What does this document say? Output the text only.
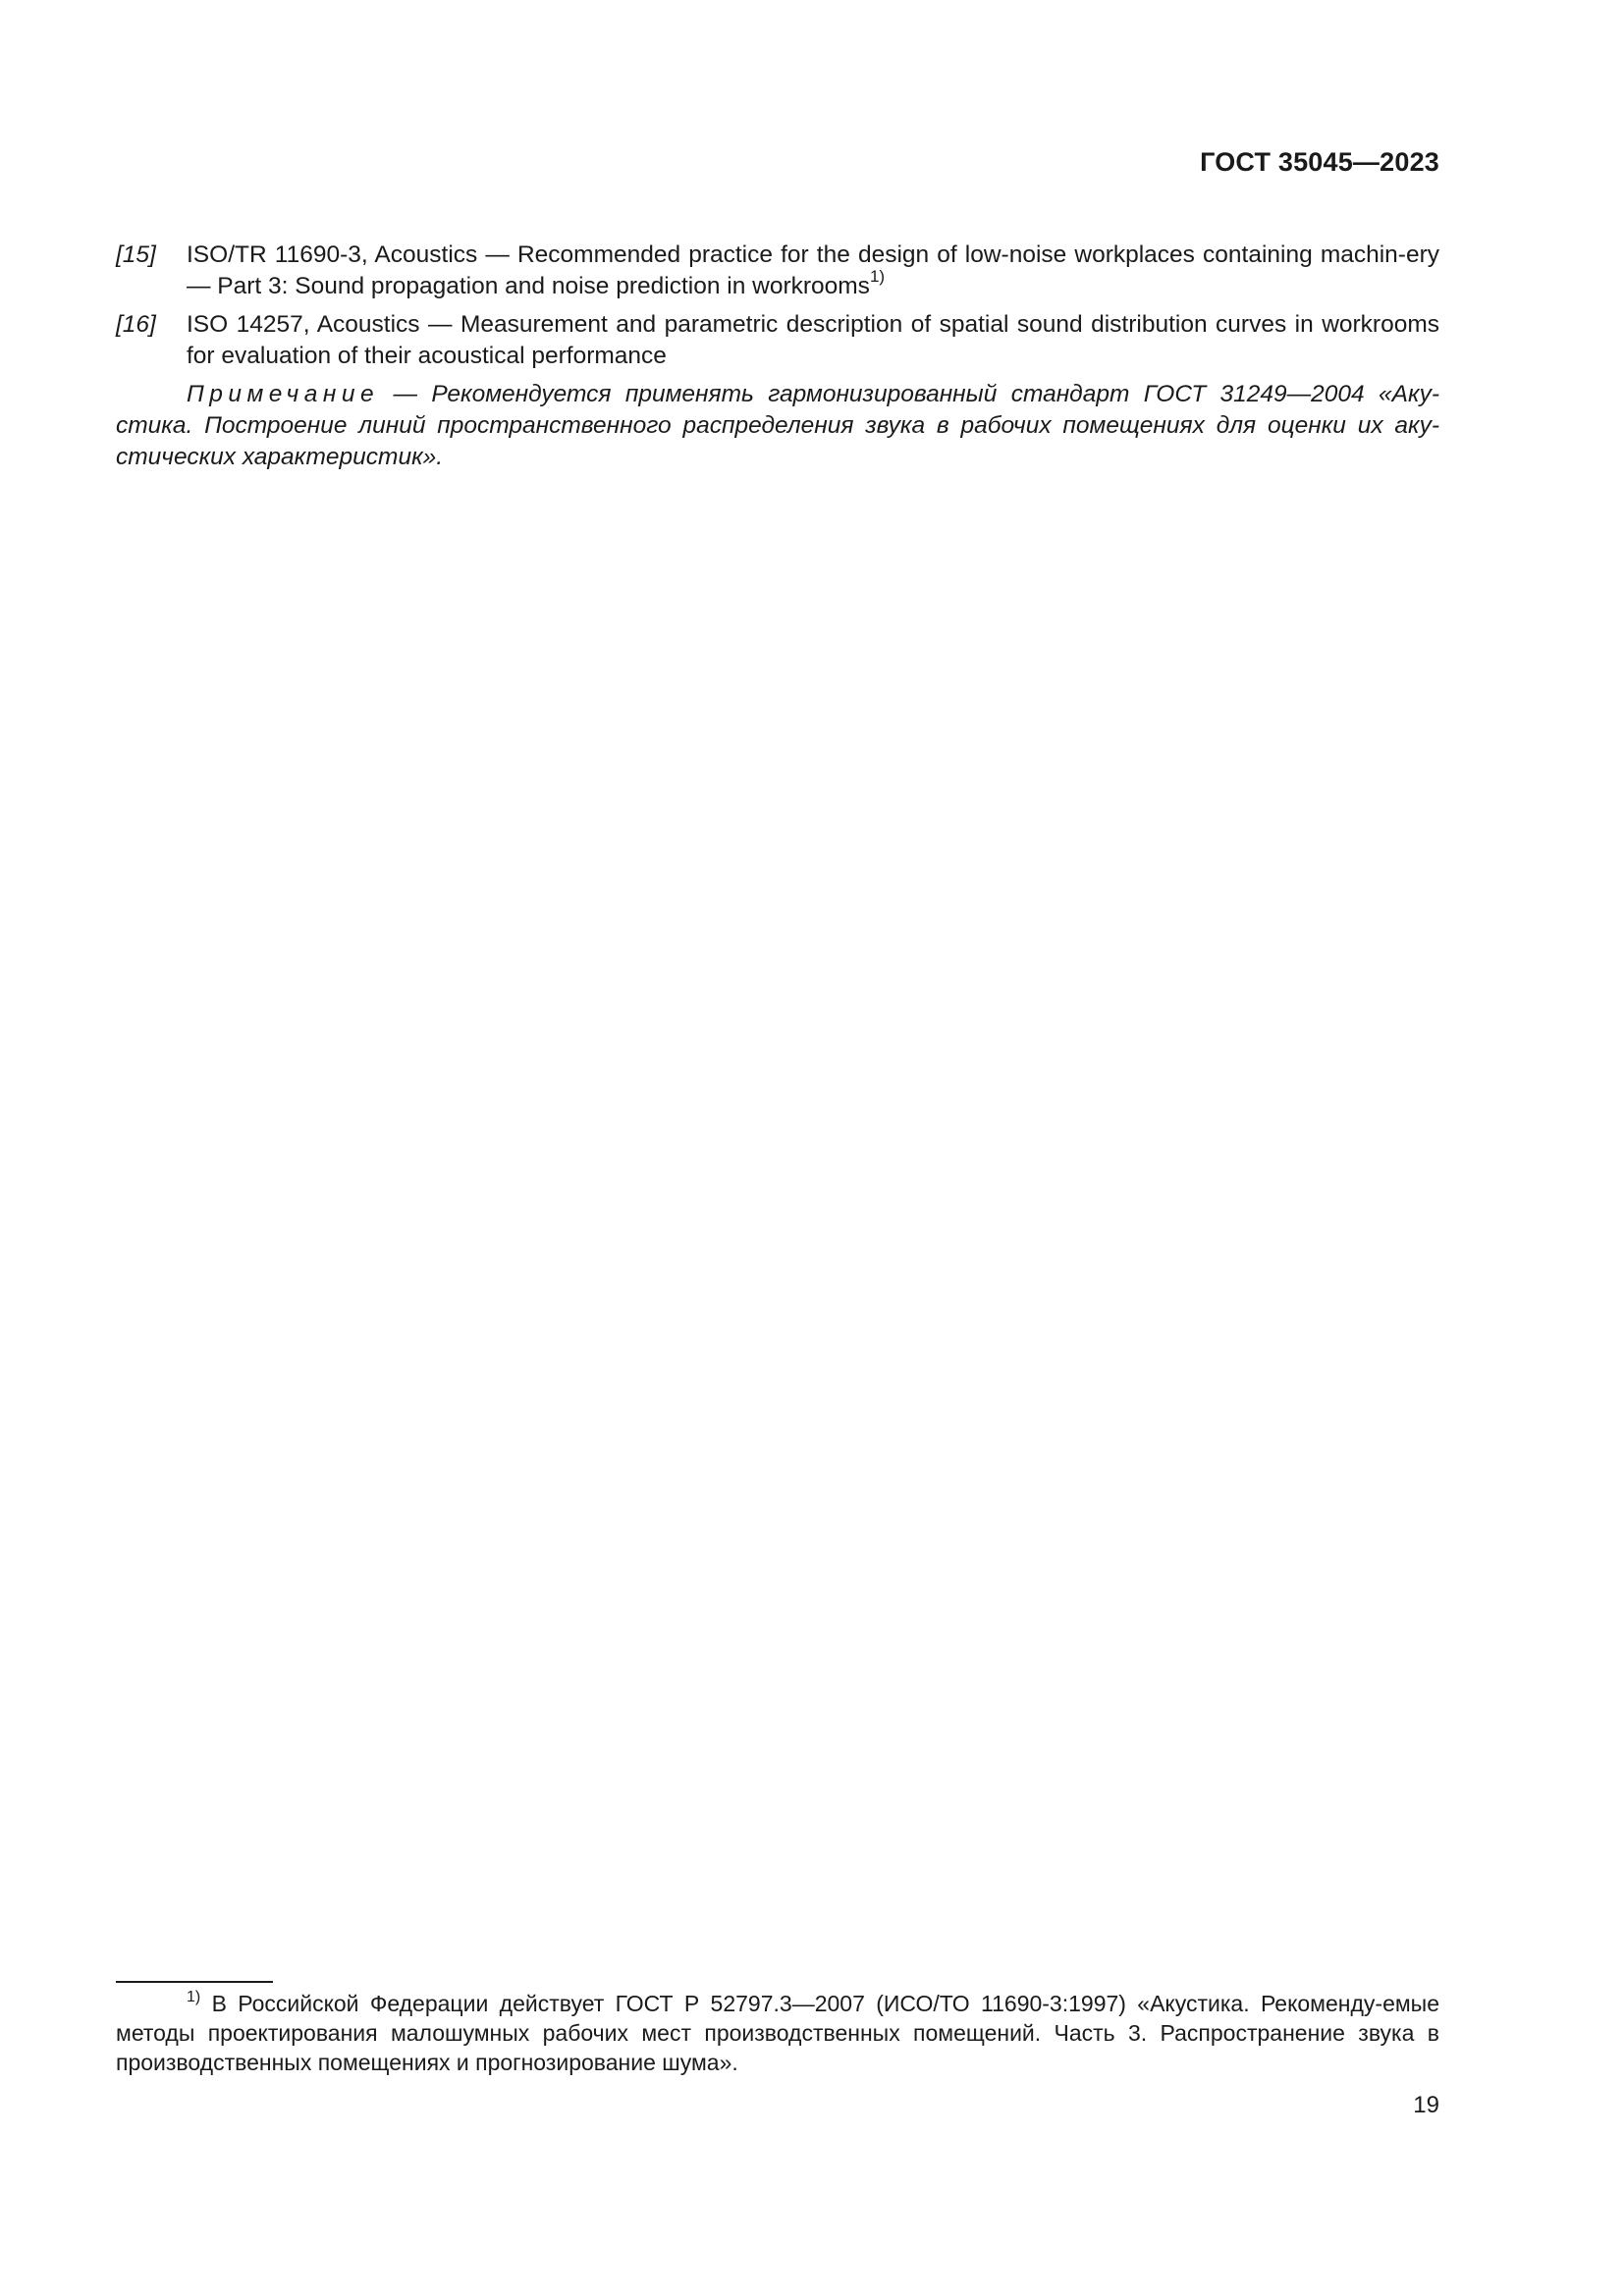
ГОСТ 35045—2023
[15]	ISO/TR 11690-3, Acoustics — Recommended practice for the design of low-noise workplaces containing machin-ery — Part 3: Sound propagation and noise prediction in workrooms$^{1)}$
[16]	ISO 14257, Acoustics — Measurement and parametric description of spatial sound distribution curves in workrooms for evaluation of their acoustical performance
Примечание — Рекомендуется применять гармонизированный стандарт ГОСТ 31249—2004 «Аку-стика. Построение линий пространственного распределения звука в рабочих помещениях для оценки их аку-стических характеристик».
$^{1)}$ В Российской Федерации действует ГОСТ Р 52797.3—2007 (ИСО/ТО 11690-3:1997) «Акустика. Рекоменду-емые методы проектирования малошумных рабочих мест производственных помещений. Часть 3. Распространение звука в производственных помещениях и прогнозирование шума».
19
